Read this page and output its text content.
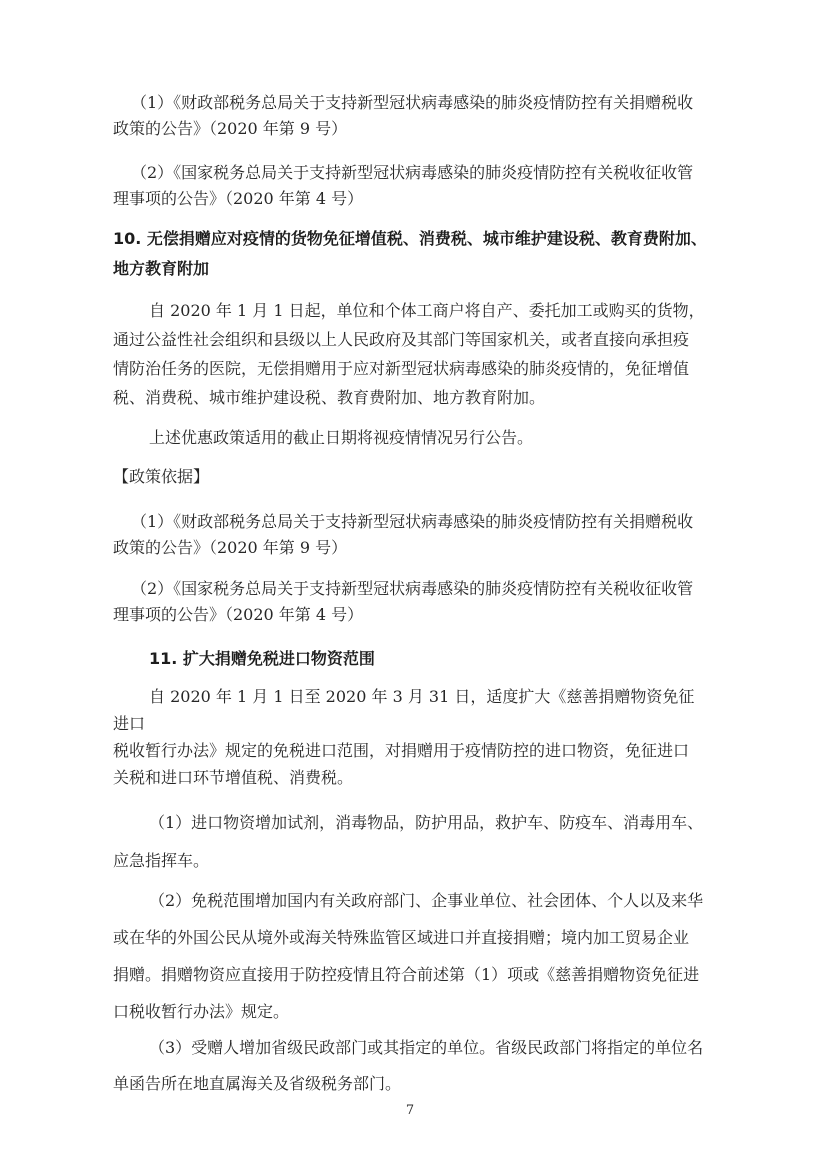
（1）《财政部税务总局关于支持新型冠状病毒感染的肺炎疫情防控有关捐赠税收
政策的公告》（2020 年第 9 号）

（2）《国家税务总局关于支持新型冠状病毒感染的肺炎疫情防控有关税收征收管
理事项的公告》（2020 年第 4 号）

10. 无偿捐赠应对疫情的货物免征增值税、消费税、城市维护建设税、教育费附加、
地方教育附加

自 2020 年 1 月 1 日起，单位和个体工商户将自产、委托加工或购买的货物，
通过公益性社会组织和县级以上人民政府及其部门等国家机关，或者直接向承担疫
情防治任务的医院，无偿捐赠用于应对新型冠状病毒感染的肺炎疫情的，免征增值
税、消费税、城市维护建设税、教育费附加、地方教育附加。

上述优惠政策适用的截止日期将视疫情情况另行公告。

【政策依据】

（1）《财政部税务总局关于支持新型冠状病毒感染的肺炎疫情防控有关捐赠税收
政策的公告》（2020 年第 9 号）

（2）《国家税务总局关于支持新型冠状病毒感染的肺炎疫情防控有关税收征收管
理事项的公告》（2020 年第 4 号）

11. 扩大捐赠免税进口物资范围

自 2020 年 1 月 1 日至 2020 年 3 月 31 日，适度扩大《慈善捐赠物资免征进口
税收暂行办法》规定的免税进口范围，对捐赠用于疫情防控的进口物资，免征进口
关税和进口环节增值税、消费税。

（1）进口物资增加试剂，消毒物品，防护用品，救护车、防疫车、消毒用车、
应急指挥车。

（2）免税范围增加国内有关政府部门、企事业单位、社会团体、个人以及来华
或在华的外国公民从境外或海关特殊监管区域进口并直接捐赠；境内加工贸易企业
捐赠。捐赠物资应直接用于防控疫情且符合前述第（1）项或《慈善捐赠物资免征进
口税收暂行办法》规定。

（3）受赠人增加省级民政部门或其指定的单位。省级民政部门将指定的单位名
单函告所在地直属海关及省级税务部门。

7
